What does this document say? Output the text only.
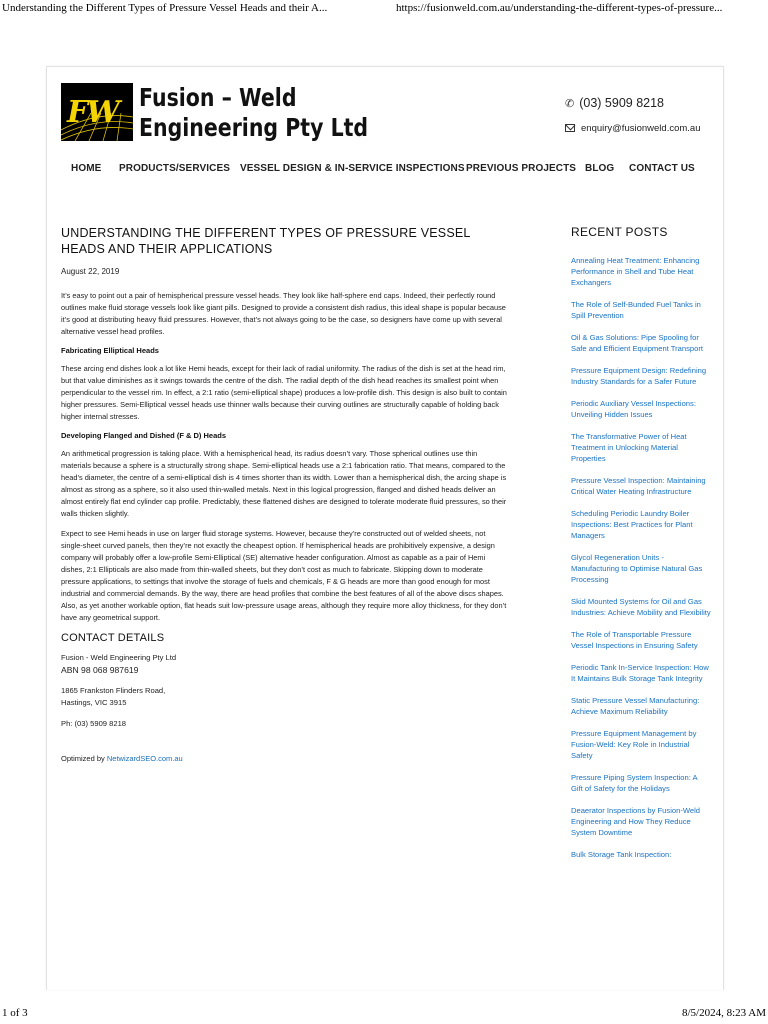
Understanding the Different Types of Pressure Vessel Heads and their A...	https://fusionweld.com.au/understanding-the-different-types-of-pressure...
FW Fusion – Weld
Engineering Pty Ltd
✆ (03) 5909 8218
enquiry@fusionweld.com.au
HOME PRODUCTS/SERVICES VESSEL DESIGN & IN-SERVICE INSPECTIONS PREVIOUS PROJECTS BLOG CONTACT US
UNDERSTANDING THE DIFFERENT TYPES OF PRESSURE VESSEL HEADS AND THEIR APPLICATIONS
August 22, 2019

It’s easy to point out a pair of hemispherical pressure vessel heads. They look like half-sphere end caps. Indeed, their perfectly round outlines make fluid storage vessels look like giant pills. Designed to provide a consistent dish radius, this ideal shape is popular because it’s good at distributing heavy fluid pressures. However, that’s not always going to be the case, so designers have come up with several alternative vessel head profiles.

Fabricating Elliptical Heads

These arcing end dishes look a lot like Hemi heads, except for their lack of radial uniformity. The radius of the dish is set at the head rim, but that value diminishes as it swings towards the centre of the dish. The radial depth of the dish head reaches its smallest point when perpendicular to the vessel rim. In effect, a 2:1 ratio (semi-elliptical shape) produces a low-profile dish. This design is also built to contain higher pressures. Semi-Elliptical vessel heads use thinner walls because their curving outlines are structurally capable of holding back higher internal stresses.

Developing Flanged and Dished (F & D) Heads

An arithmetical progression is taking place. With a hemispherical head, its radius doesn’t vary. Those spherical outlines use thin materials because a sphere is a structurally strong shape. Semi-elliptical heads use a 2:1 fabrication ratio. That means, compared to the head’s diameter, the centre of a semi-elliptical dish is 4 times shorter than its width. Lower than a hemispherical dish, the arcing shape is almost as strong as a sphere, so it also used thin-walled metals. Next in this logical progression, flanged and dished heads deliver an almost entirely flat end cylinder cap profile. Predictably, these flattened dishes are designed to tolerate moderate fluid pressures, so their walls thicken slightly.

Expect to see Hemi heads in use on larger fluid storage systems. However, because they’re constructed out of welded sheets, not single-sheet curved panels, then they’re not exactly the cheapest option. If hemispherical heads are prohibitively expensive, a design company will probably offer a low-profile Semi-Elliptical (SE) alternative header configuration. Almost as capable as a pair of Hemi dishes, 2:1 Ellipticals are also made from thin-walled sheets, but they don’t cost as much to fabricate. Skipping down to moderate pressure applications, to settings that involve the storage of fuels and chemicals, F & G heads are more than good enough for most industrial and commercial demands. By the way, there are head profiles that combine the best features of all of the above discs shapes. Also, as yet another workable option, flat heads suit low-pressure usage areas, although they require more alloy thickness, for they don’t have any geometrical support.

CONTACT DETAILS
Fusion - Weld Engineering Pty Ltd
ABN 98 068 987619
1865 Frankston Flinders Road,
Hastings, VIC 3915
Ph: (03) 5909 8218
Optimized by NetwizardSEO.com.au
RECENT POSTS
Annealing Heat Treatment: Enhancing Performance in Shell and Tube Heat Exchangers
The Role of Self-Bunded Fuel Tanks in Spill Prevention
Oil & Gas Solutions: Pipe Spooling for Safe and Efficient Equipment Transport
Pressure Equipment Design: Redefining Industry Standards for a Safer Future
Periodic Auxiliary Vessel Inspections: Unveiling Hidden Issues
The Transformative Power of Heat Treatment in Unlocking Material Properties
Pressure Vessel Inspection: Maintaining Critical Water Heating Infrastructure
Scheduling Periodic Laundry Boiler Inspections: Best Practices for Plant Managers
Glycol Regeneration Units - Manufacturing to Optimise Natural Gas Processing
Skid Mounted Systems for Oil and Gas Industries: Achieve Mobility and Flexibility
The Role of Transportable Pressure Vessel Inspections in Ensuring Safety
Periodic Tank In-Service Inspection: How It Maintains Bulk Storage Tank Integrity
Static Pressure Vessel Manufacturing: Achieve Maximum Reliability
Pressure Equipment Management by Fusion-Weld: Key Role in Industrial Safety
Pressure Piping System Inspection: A Gift of Safety for the Holidays
Deaerator Inspections by Fusion-Weld Engineering and How They Reduce System Downtime
Bulk Storage Tank Inspection:
1 of 3	8/5/2024, 8:23 AM
